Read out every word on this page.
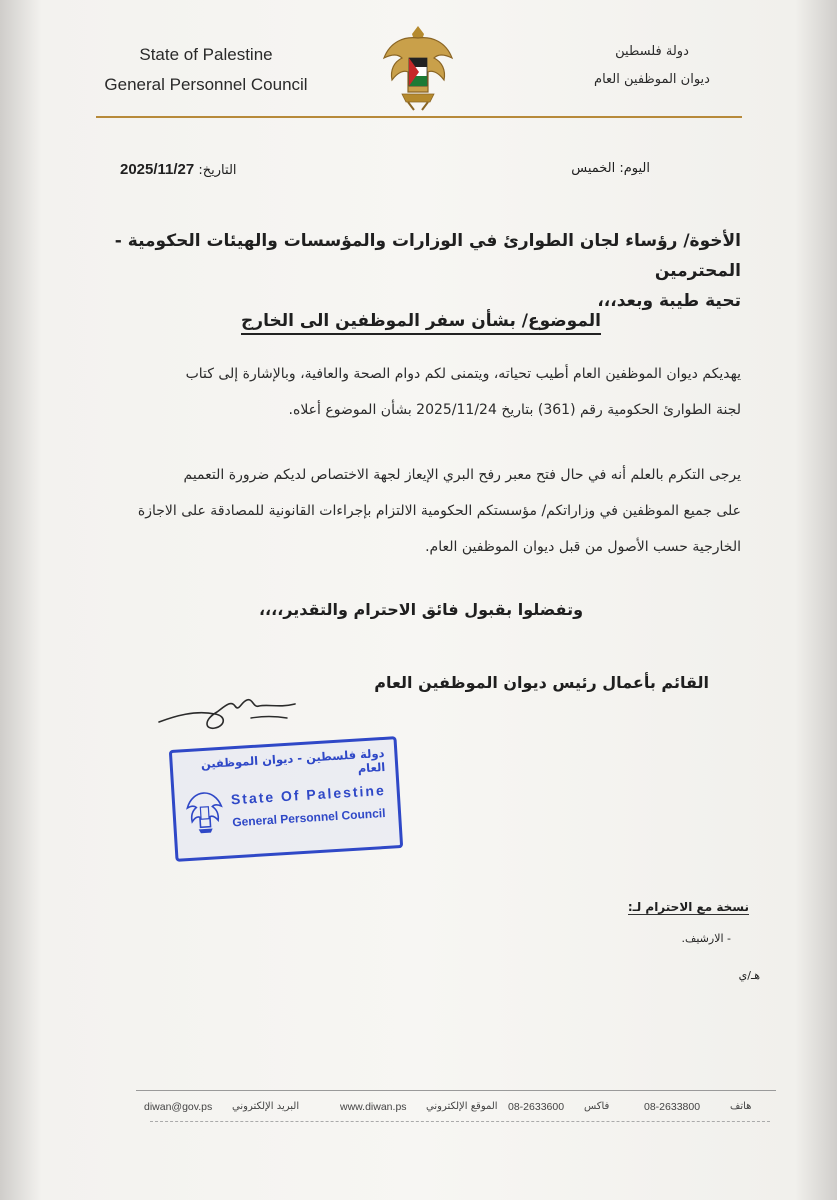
State of Palestine
General Personnel Council
دولة فلسطين
ديوان الموظفين العام
اليوم: الخميس
التاريخ: 2025/11/27
الأخوة/ رؤساء لجان الطوارئ في الوزارات والمؤسسات والهيئات الحكومية - المحترمين
تحية طيبة وبعد،،،
الموضوع/ بشأن سفر الموظفين الى الخارج
يهديكم ديوان الموظفين العام أطيب تحياته، ويتمنى لكم دوام الصحة والعافية، وبالإشارة إلى كتاب
لجنة الطوارئ الحكومية رقم (361) بتاريخ 2025/11/24 بشأن الموضوع أعلاه.
يرجى التكرم بالعلم أنه في حال فتح معبر رفح البري الإيعاز لجهة الاختصاص لديكم ضرورة التعميم
على جميع الموظفين في وزاراتكم/ مؤسستكم الحكومية الالتزام بإجراءات القانونية للمصادقة على الاجازة
الخارجية حسب الأصول من قبل ديوان الموظفين العام.
وتفضلوا بقبول فائق الاحترام والتقدير،،،،
القائم بأعمال رئيس ديوان الموظفين العام
دولة فلسطين - ديوان الموظفين العام
State Of Palestine
General Personnel Council
نسخة مع الاحترام لـ:
- الارشيف.
هـ/ي
diwan@gov.ps البريد الإلكتروني	www.diwan.ps الموقع الإلكتروني 08-2633600 فاكس	08-2633800	هاتف
